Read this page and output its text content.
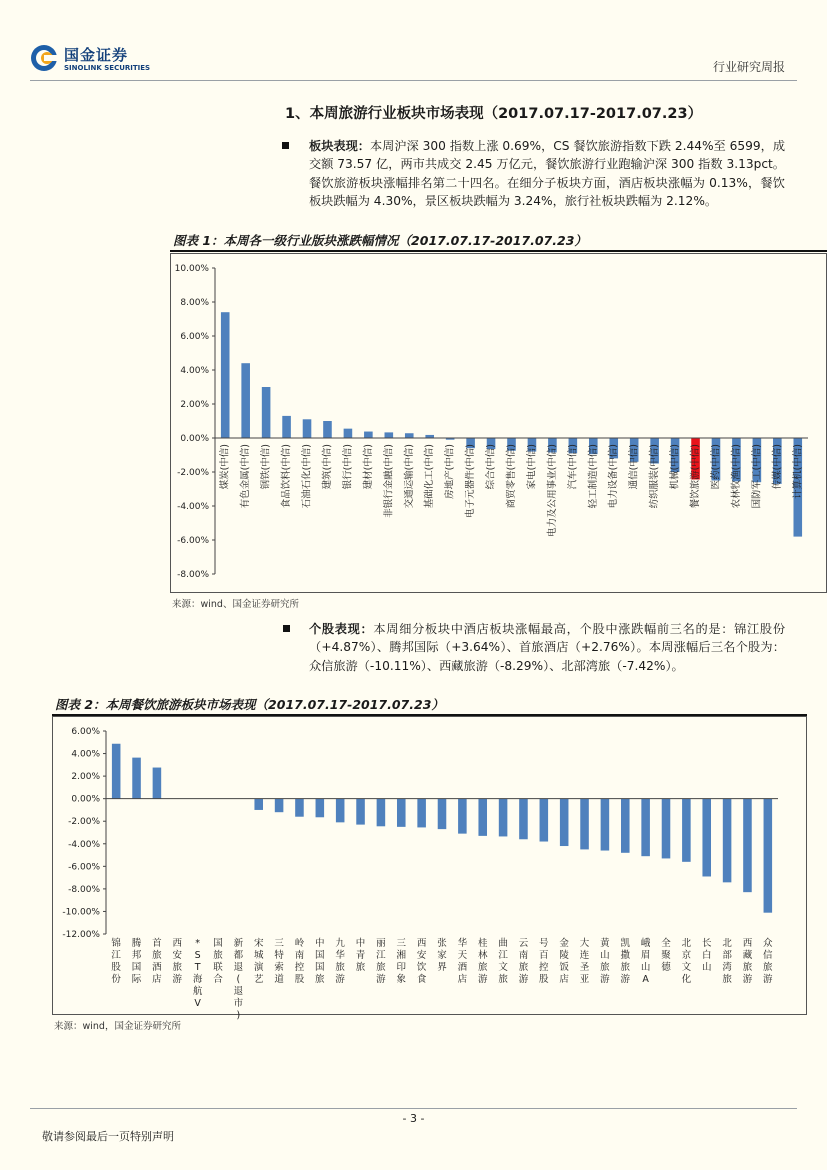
国金证券
SINOLINK SECURITIES	行业研究周报
1、本周旅游行业板块市场表现（2017.07.17-2017.07.23）
板块表现：本周沪深 300 指数上涨 0.69%，CS 餐饮旅游指数下跌 2.44%至 6599，成交额 73.57 亿，两市共成交 2.45 万亿元，餐饮旅游行业跑输沪深 300 指数 3.13pct。餐饮旅游板块涨幅排名第二十四名。在细分子板块方面，酒店板块涨幅为 0.13%，餐饮板块跌幅为 4.30%，景区板块跌幅为 3.24%，旅行社板块跌幅为 2.12%。
图表 1：本周各一级行业版块涨跌幅情况（2017.07.17-2017.07.23）
10.00%
8.00%
6.00%
4.00%
2.00%
0.00%
-2.00%
-4.00%
-6.00%
-8.00%
煤炭(中信) 有色金属(中信) 钢铁(中信) 食品饮料(中信) 石油石化(中信) 建筑(中信) 银行(中信) 建材(中信) 非银行金融(中信) 交通运输(中信) 基础化工(中信) 房地产(中信) 电子元器件(中信) 综合(中信) 商贸零售(中信) 家电(中信) 电力及公用事业(中信) 汽车(中信) 轻工制造(中信) 电力设备(中信) 通信(中信) 纺织服装(中信) 机械(中信) 餐饮旅游(中信) 医药(中信) 农林牧渔(中信) 国防军工(中信) 传媒(中信) 计算机(中信)
来源：wind、国金证券研究所
个股表现：本周细分板块中酒店板块涨幅最高，个股中涨跌幅前三名的是：锦江股份（+4.87%）、腾邦国际（+3.64%）、首旅酒店（+2.76%）。本周涨幅后三名个股为：众信旅游（-10.11%）、西藏旅游（-8.29%）、北部湾旅（-7.42%）。
图表 2：本周餐饮旅游板块市场表现（2017.07.17-2017.07.23）
6.00%
4.00%
2.00%
0.00%
-2.00%
-4.00%
-6.00%
-8.00%
-10.00%
-12.00%
锦江股份
腾邦国际
首旅酒店
西安旅游
* S T 海航 V
国旅联合
新都退(退市)
宋城演艺
三特索道
岭南控股
中国国旅
九华旅游
中青旅
丽江旅游
三湘印象
西安饮食
张家界
华天酒店
桂林旅游
曲江文旅
云南旅游
号百控股
金陵饭店
大连圣亚
黄山旅游
凯撒旅游
峨眉山 A
全聚德
北京文化
长白山
北部湾旅
西藏旅游
众信旅游
来源：wind，国金证券研究所
- 3 -
敬请参阅最后一页特别声明
